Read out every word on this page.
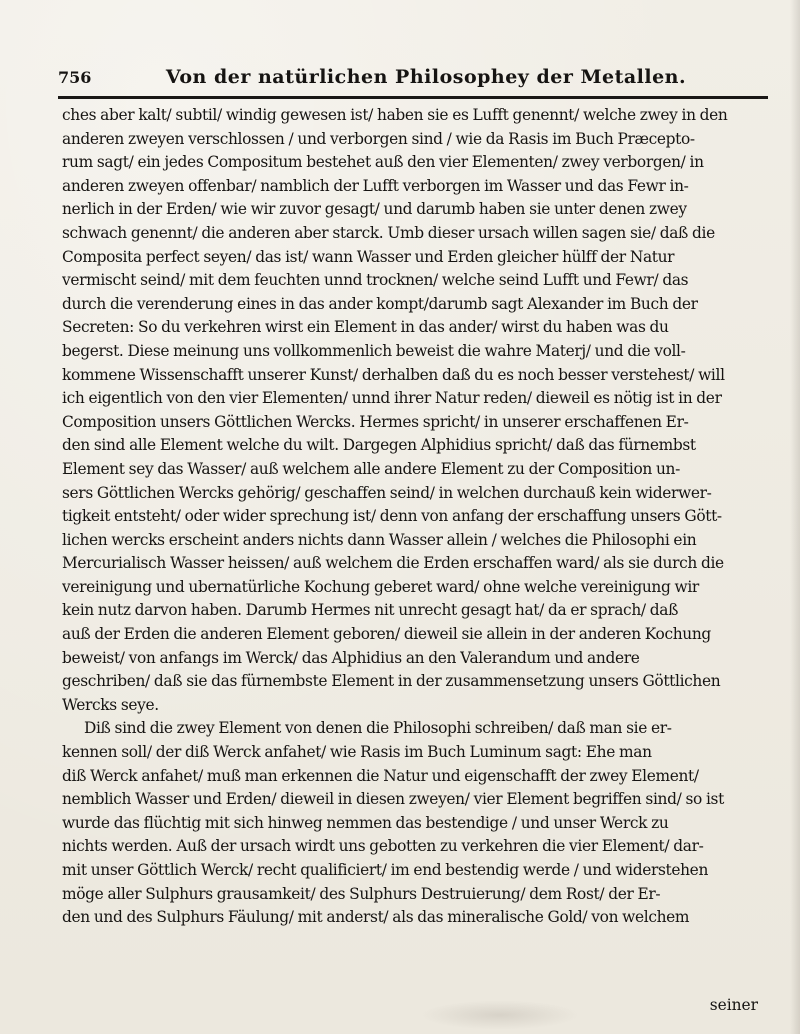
756	Von der natürlichen Philosophey der Metallen.
ches aber kalt/ subtil/ windig gewesen ist/ haben sie es Lufft genennt/ welche zwey in den
anderen zweyen verschlossen / und verborgen sind / wie da Rasis im Buch Præcepto-
rum sagt/ ein jedes Compositum bestehet auß den vier Elementen/ zwey verborgen/ in
anderen zweyen offenbar/ namblich der Lufft verborgen im Wasser und das Fewr in-
nerlich in der Erden/ wie wir zuvor gesagt/ und darumb haben sie unter denen zwey
schwach genennt/ die anderen aber starck. Umb dieser ursach willen sagen sie/ daß die
Composita perfect seyen/ das ist/ wann Wasser und Erden gleicher hülff der Natur
vermischt seind/ mit dem feuchten unnd trocknen/ welche seind Lufft und Fewr/ das
durch die verenderung eines in das ander kompt/darumb sagt Alexander im Buch der
Secreten: So du verkehren wirst ein Element in das ander/ wirst du haben was du
begerst. Diese meinung uns vollkommenlich beweist die wahre Materj/ und die voll-
kommene Wissenschafft unserer Kunst/ derhalben daß du es noch besser verstehest/ will
ich eigentlich von den vier Elementen/ unnd ihrer Natur reden/ dieweil es nötig ist in der
Composition unsers Göttlichen Wercks. Hermes spricht/ in unserer erschaffenen Er-
den sind alle Element welche du wilt. Dargegen Alphidius spricht/ daß das fürnembst
Element sey das Wasser/ auß welchem alle andere Element zu der Composition un-
sers Göttlichen Wercks gehörig/ geschaffen seind/ in welchen durchauß kein widerwer-
tigkeit entsteht/ oder wider sprechung ist/ denn von anfang der erschaffung unsers Gött-
lichen wercks erscheint anders nichts dann Wasser allein / welches die Philosophi ein
Mercurialisch Wasser heissen/ auß welchem die Erden erschaffen ward/ als sie durch die
vereinigung und ubernatürliche Kochung geberet ward/ ohne welche vereinigung wir
kein nutz darvon haben. Darumb Hermes nit unrecht gesagt hat/ da er sprach/ daß
auß der Erden die anderen Element geboren/ dieweil sie allein in der anderen Kochung
beweist/ von anfangs im Werck/ das Alphidius an den Valerandum und andere
geschriben/ daß sie das fürnembste Element in der zusammensetzung unsers Göttlichen
Wercks seye.
Diß sind die zwey Element von denen die Philosophi schreiben/ daß man sie er-
kennen soll/ der diß Werck anfahet/ wie Rasis im Buch Luminum sagt: Ehe man
diß Werck anfahet/ muß man erkennen die Natur und eigenschafft der zwey Element/
nemblich Wasser und Erden/ dieweil in diesen zweyen/ vier Element begriffen sind/ so ist
wurde das flüchtig mit sich hinweg nemmen das bestendige / und unser Werck zu
nichts werden. Auß der ursach wirdt uns gebotten zu verkehren die vier Element/ dar-
mit unser Göttlich Werck/ recht qualificiert/ im end bestendig werde / und widerstehen
möge aller Sulphurs grausamkeit/ des Sulphurs Destruierung/ dem Rost/ der Er-
den und des Sulphurs Fäulung/ mit anderst/ als das mineralische Gold/ von welchem
seiner
